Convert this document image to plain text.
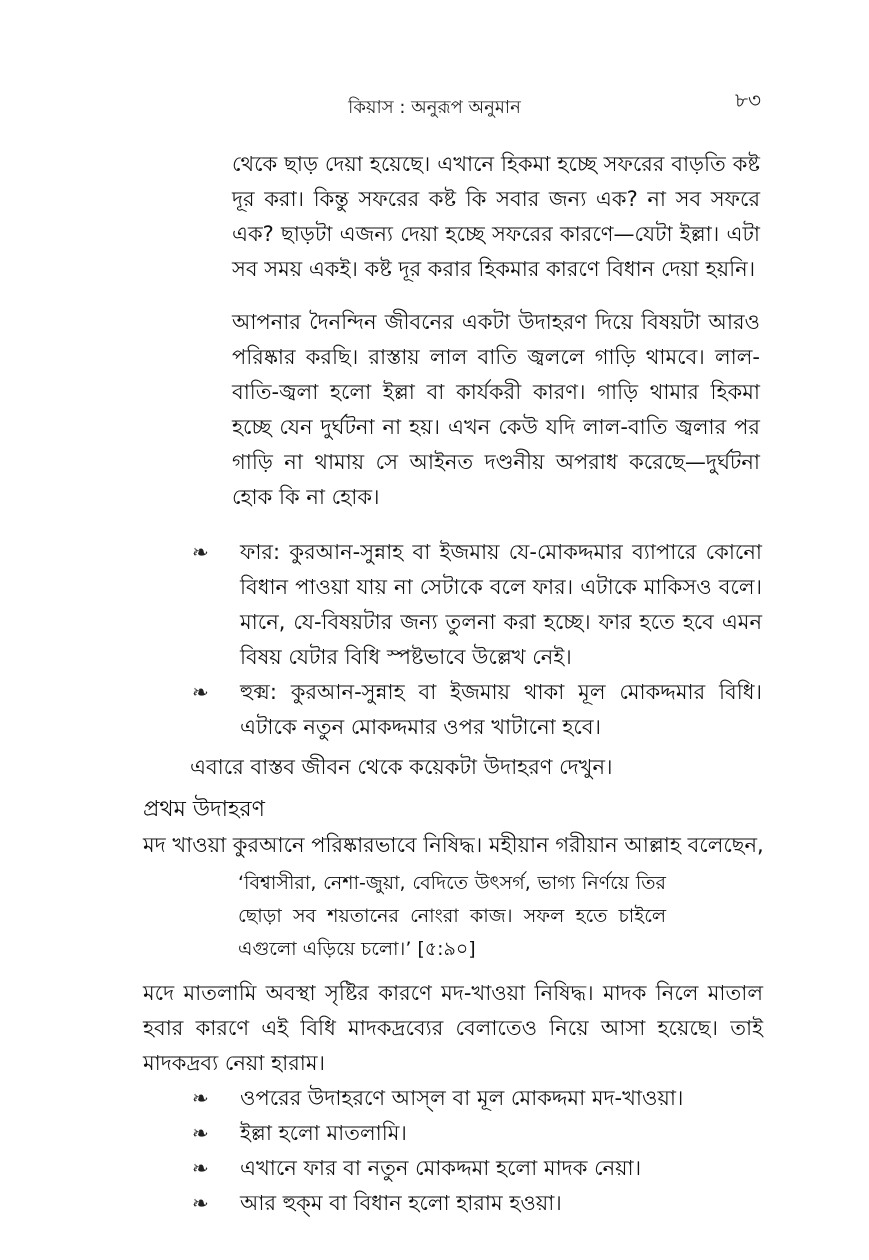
কিয়াস : অনুরূপ অনুমান	৮৩
থেকে ছাড় দেয়া হয়েছে। এখানে হিকমা হচ্ছে সফরের বাড়তি কষ্ট দূর করা। কিন্তু সফরের কষ্ট কি সবার জন্য এক? না সব সফরে এক? ছাড়টা এজন্য দেয়া হচ্ছে সফরের কারণে—যেটা ইল্লা। এটা সব সময় একই। কষ্ট দূর করার হিকমার কারণে বিধান দেয়া হয়নি।
আপনার দৈনন্দিন জীবনের একটা উদাহরণ দিয়ে বিষয়টা আরও পরিষ্কার করছি। রাস্তায় লাল বাতি জ্বললে গাড়ি থামবে। লাল-বাতি-জ্বলা হলো ইল্লা বা কার্যকরী কারণ। গাড়ি থামার হিকমা হচ্ছে যেন দুর্ঘটনা না হয়। এখন কেউ যদি লাল-বাতি জ্বলার পর গাড়ি না থামায় সে আইনত দণ্ডনীয় অপরাধ করেছে—দুর্ঘটনা হোক কি না হোক।
❧	ফার: কুরআন-সুন্নাহ বা ইজমায় যে-মোকদ্দমার ব্যাপারে কোনো বিধান পাওয়া যায় না সেটাকে বলে ফার। এটাকে মাকিসও বলে। মানে, যে-বিষয়টার জন্য তুলনা করা হচ্ছে। ফার হতে হবে এমন বিষয় যেটার বিধি স্পষ্টভাবে উল্লেখ নেই।
❧	হুক্ম: কুরআন-সুন্নাহ বা ইজমায় থাকা মূল মোকদ্দমার বিধি। এটাকে নতুন মোকদ্দমার ওপর খাটানো হবে।
এবারে বাস্তব জীবন থেকে কয়েকটা উদাহরণ দেখুন।
প্রথম উদাহরণ
মদ খাওয়া কুরআনে পরিষ্কারভাবে নিষিদ্ধ। মহীয়ান গরীয়ান আল্লাহ বলেছেন,
‘বিশ্বাসীরা, নেশা-জুয়া, বেদিতে উৎসর্গ, ভাগ্য নির্ণয়ে তির ছোড়া সব শয়তানের নোংরা কাজ। সফল হতে চাইলে এগুলো এড়িয়ে চলো।’ [৫:৯০]
মদে মাতলামি অবস্থা সৃষ্টির কারণে মদ-খাওয়া নিষিদ্ধ। মাদক নিলে মাতাল হবার কারণে এই বিধি মাদকদ্রব্যের বেলাতেও নিয়ে আসা হয়েছে। তাই মাদকদ্রব্য নেয়া হারাম।
❧	ওপরের উদাহরণে আস্‌ল বা মূল মোকদ্দমা মদ-খাওয়া।
❧	ইল্লা হলো মাতলামি।
❧	এখানে ফার বা নতুন মোকদ্দমা হলো মাদক নেয়া।
❧	আর হুক্‌ম বা বিধান হলো হারাম হওয়া।
